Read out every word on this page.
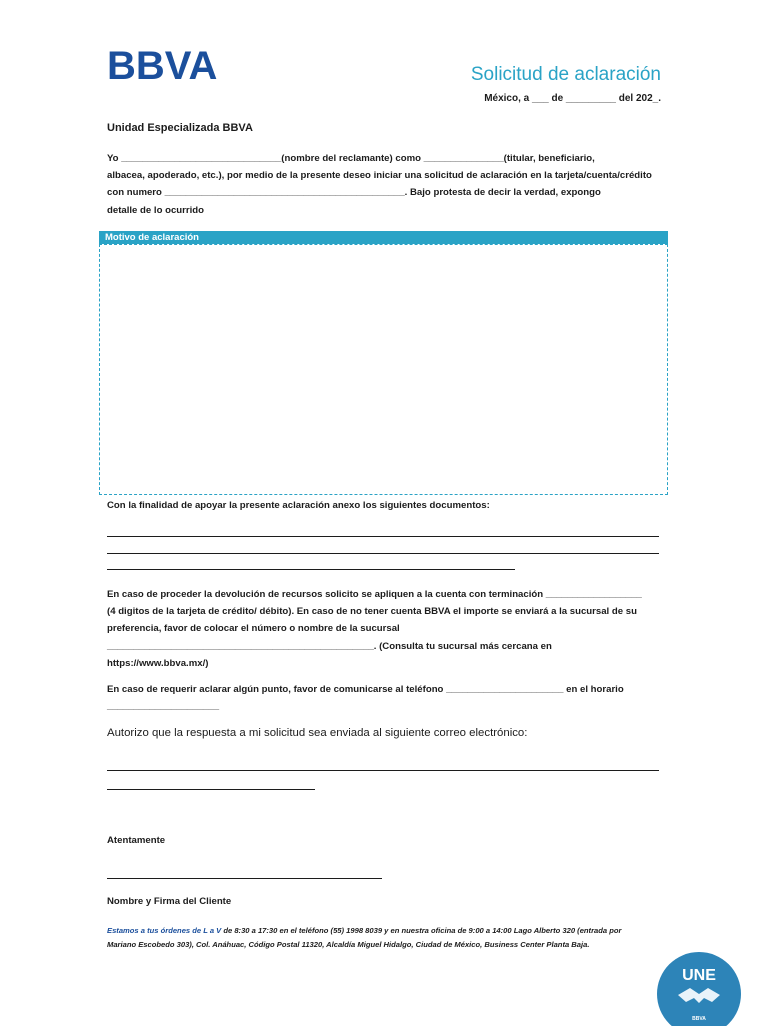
BBVA	Solicitud de aclaración
México, a ___ de _________ del 202_.
Unidad Especializada BBVA
Yo ______________________________(nombre del reclamante) como _______________(titular, beneficiario,
albacea, apoderado, etc.), por medio de la presente deseo iniciar una solicitud de aclaración en la tarjeta/cuenta/crédito
con numero _____________________________________________. Bajo protesta de decir la verdad, expongo
detalle de lo ocurrido
Motivo de aclaración
Con la finalidad de apoyar la presente aclaración anexo los siguientes documentos:
En caso de proceder la devolución de recursos solicito se apliquen a la cuenta con terminación __________________
(4 digitos de la tarjeta de crédito/ débito). En caso de no tener cuenta BBVA el importe se enviará a la sucursal de su
preferencia, favor de colocar el número o nombre de la sucursal
__________________________________________________. (Consulta tu sucursal más cercana en
https://www.bbva.mx/)
En caso de requerir aclarar algún punto, favor de comunicarse al teléfono ______________________ en el horario
_____________________
Autorizo que la respuesta a mi solicitud sea enviada al siguiente correo electrónico:
Atentamente
Nombre y Firma del Cliente
Estamos a tus órdenes de L a V de 8:30 a 17:30 en el teléfono (55) 1998 8039 y en nuestra oficina de 9:00 a 14:00 Lago Alberto 320 (entrada por Mariano Escobedo 303), Col. Anáhuac, Código Postal 11320, Alcaldía Miguel Hidalgo, Ciudad de México, Business Center Planta Baja.
UNE
BBVA
